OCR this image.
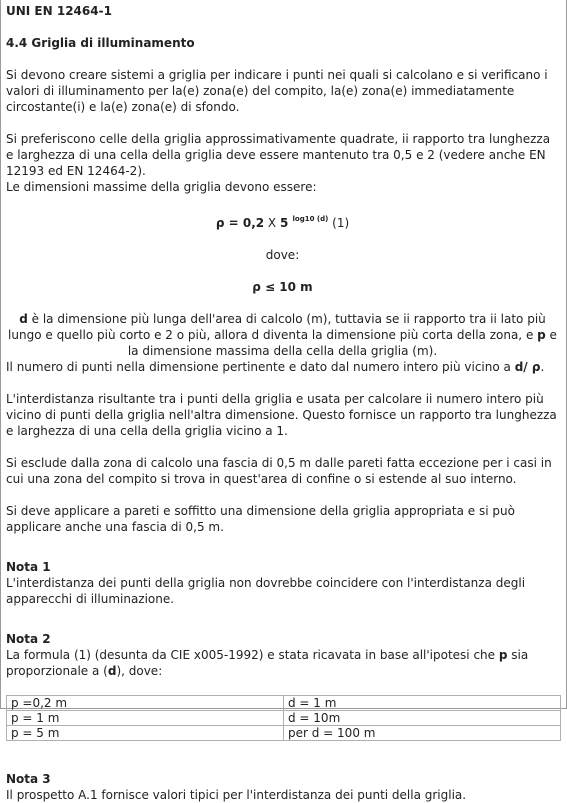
UNI EN 12464-1

4.4 Griglia di illuminamento

Si devono creare sistemi a griglia per indicare i punti nei quali si calcolano e si verificano i valori di illuminamento per la(e) zona(e) del compito, la(e) zona(e) immediatamente circostante(i) e la(e) zona(e) di sfondo.

Si preferiscono celle della griglia approssimativamente quadrate, ii rapporto tra lunghezza e larghezza di una cella della griglia deve essere mantenuto tra 0,5 e 2 (vedere anche EN 12193 ed EN 12464-2).

Le dimensioni massime della griglia devono essere:

ρ = 0,2 X 5 $^{log10 (d)}$ (1)

dove:

ρ ≤ 10 m

d è la dimensione più lunga dell'area di calcolo (m), tuttavia se ii rapporto tra ii lato più lungo e quello più corto e 2 o più, allora d diventa la dimensione più corta della zona, e p e la dimensione massima della cella della griglia (m).

Il numero di punti nella dimensione pertinente e dato dal numero intero più vicino a d/ ρ.

L'interdistanza risultante tra i punti della griglia e usata per calcolare ii numero intero più vicino di punti della griglia nell'altra dimensione. Questo fornisce un rapporto tra lunghezza e larghezza di una cella della griglia vicino a 1.

Si esclude dalla zona di calcolo una fascia di 0,5 m dalle pareti fatta eccezione per i casi in cui una zona del compito si trova in quest'area di confine o si estende al suo interno.

Si deve applicare a pareti e soffitto una dimensione della griglia appropriata e si può applicare anche una fascia di 0,5 m.

Nota 1

L'interdistanza dei punti della griglia non dovrebbe coincidere con l'interdistanza degli apparecchi di illuminazione.

Nota 2

La formula (1) (desunta da CIE x005-1992) e stata ricavata in base all'ipotesi che p sia proporzionale a (d), dove:

p =0,2 m	d = 1 m
p = 1 m	d = 10m
p = 5 m	per d = 100 m

Nota 3

Il prospetto A.1 fornisce valori tipici per l'interdistanza dei punti della griglia.
